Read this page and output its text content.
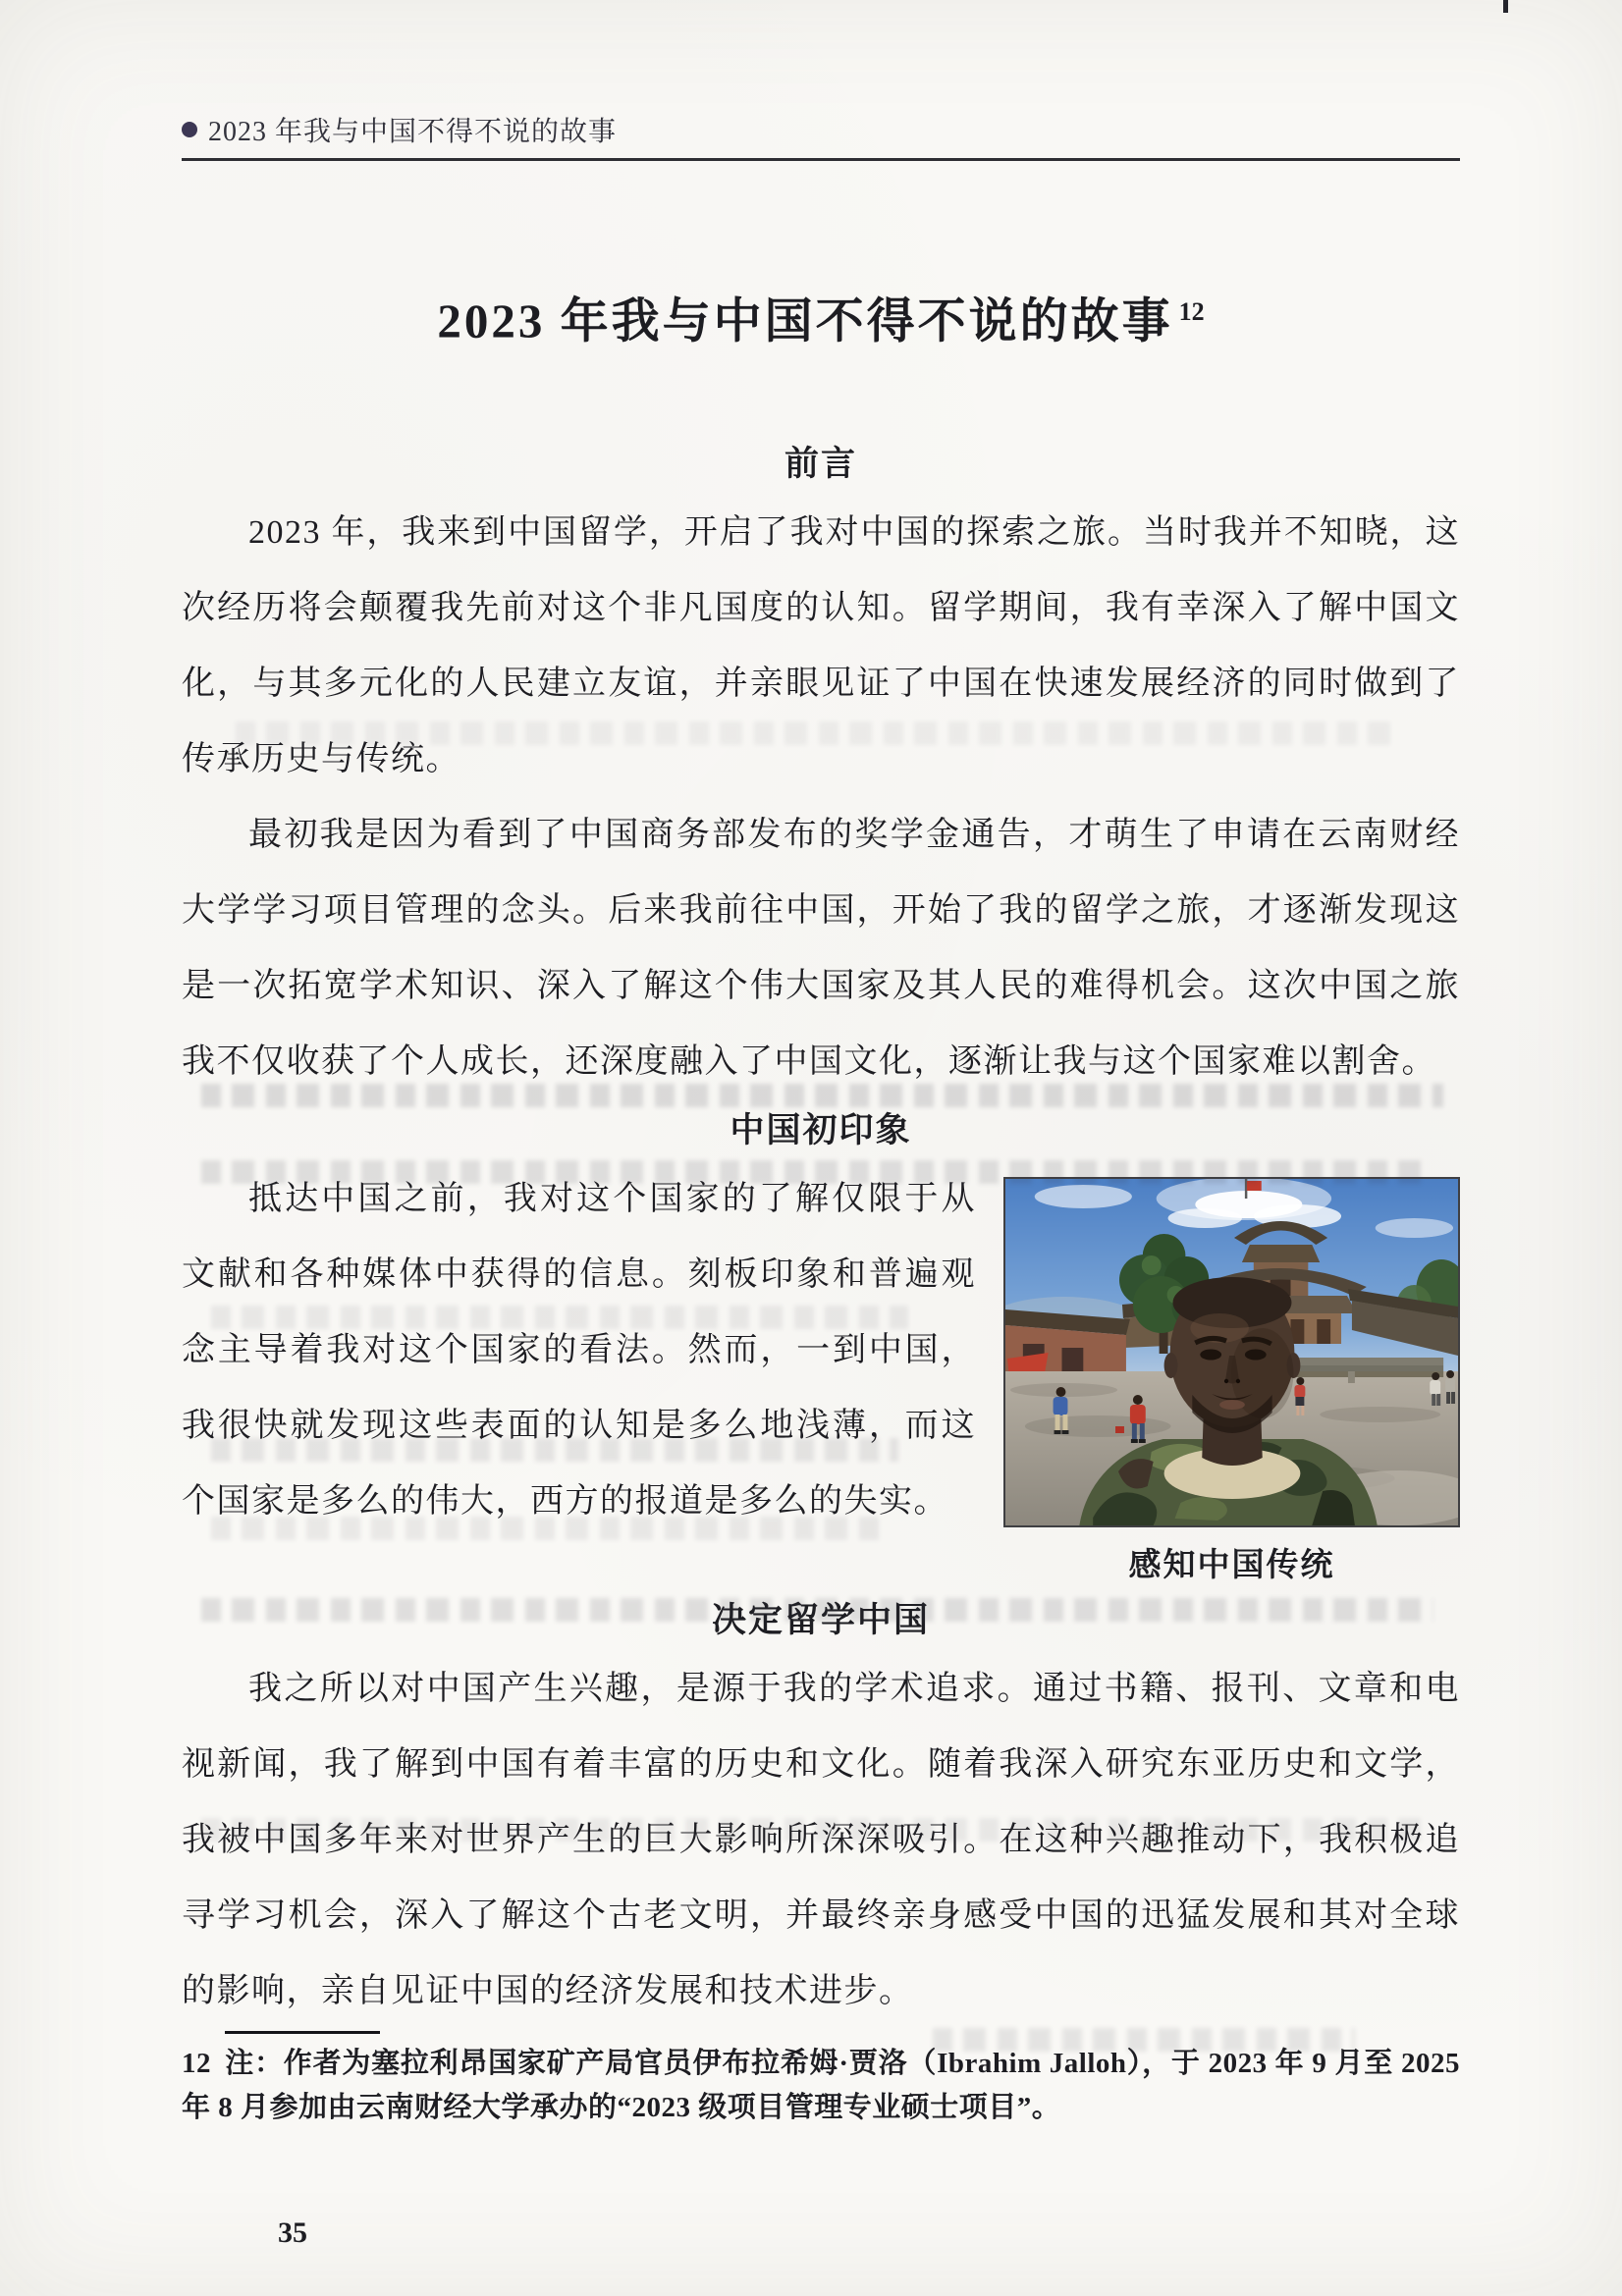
2023 年我与中国不得不说的故事
2023 年我与中国不得不说的故事 $^{12}$
前言

2023 年，我来到中国留学，开启了我对中国的探索之旅。当时我并不知晓，这次经历将会颠覆我先前对这个非凡国度的认知。留学期间，我有幸深入了解中国文化，与其多元化的人民建立友谊，并亲眼见证了中国在快速发展经济的同时做到了传承历史与传统。

最初我是因为看到了中国商务部发布的奖学金通告，才萌生了申请在云南财经大学学习项目管理的念头。后来我前往中国，开始了我的留学之旅，才逐渐发现这是一次拓宽学术知识、深入了解这个伟大国家及其人民的难得机会。这次中国之旅我不仅收获了个人成长，还深度融入了中国文化，逐渐让我与这个国家难以割舍。

中国初印象
感知中国传统

抵达中国之前，我对这个国家的了解仅限于从文献和各种媒体中获得的信息。刻板印象和普遍观念主导着我对这个国家的看法。然而，一到中国，我很快就发现这些表面的认知是多么地浅薄，而这个国家是多么的伟大，西方的报道是多么的失实。

决定留学中国

我之所以对中国产生兴趣，是源于我的学术追求。通过书籍、报刊、文章和电视新闻，我了解到中国有着丰富的历史和文化。随着我深入研究东亚历史和文学，我被中国多年来对世界产生的巨大影响所深深吸引。在这种兴趣推动下，我积极追寻学习机会，深入了解这个古老文明，并最终亲身感受中国的迅猛发展和其对全球的影响，亲自见证中国的经济发展和技术进步。

12 注：作者为塞拉利昂国家矿产局官员伊布拉希姆·贾洛（Ibrahim Jalloh），于 2023 年 9 月至 2025 年 8 月参加由云南财经大学承办的“2023 级项目管理专业硕士项目”。

35
